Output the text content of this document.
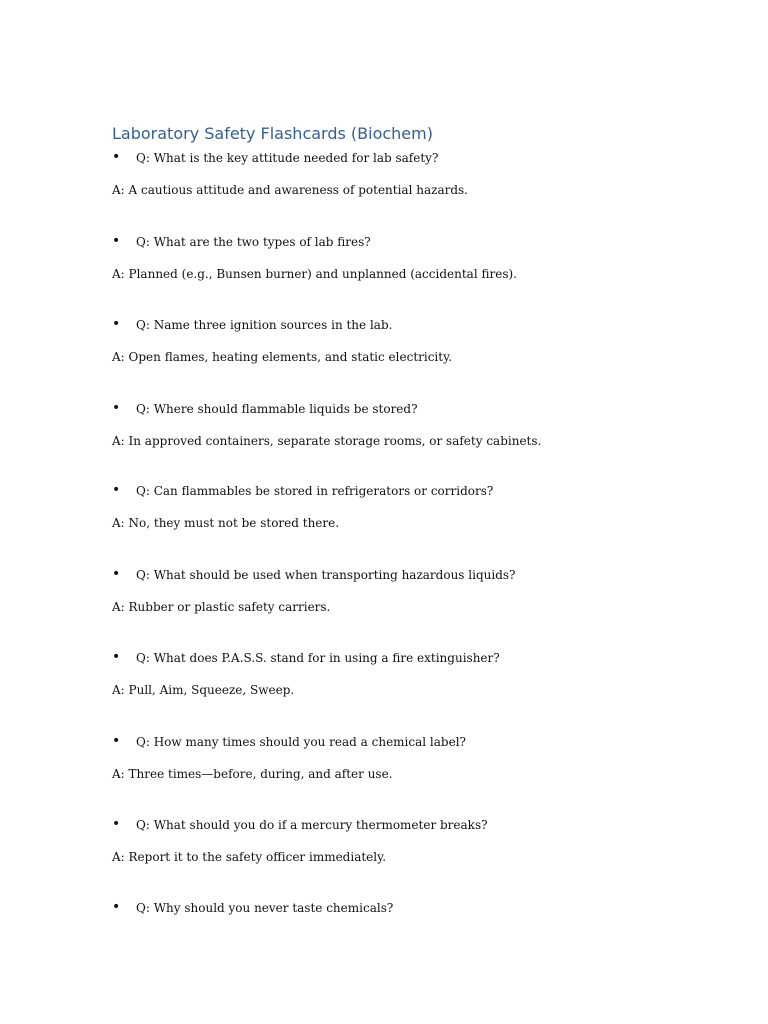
Laboratory Safety Flashcards (Biochem)
•	Q: What is the key attitude needed for lab safety?
A: A cautious attitude and awareness of potential hazards.
•	Q: What are the two types of lab fires?
A: Planned (e.g., Bunsen burner) and unplanned (accidental fires).
•	Q: Name three ignition sources in the lab.
A: Open flames, heating elements, and static electricity.
•	Q: Where should flammable liquids be stored?
A: In approved containers, separate storage rooms, or safety cabinets.
•	Q: Can flammables be stored in refrigerators or corridors?
A: No, they must not be stored there.
•	Q: What should be used when transporting hazardous liquids?
A: Rubber or plastic safety carriers.
•	Q: What does P.A.S.S. stand for in using a fire extinguisher?
A: Pull, Aim, Squeeze, Sweep.
•	Q: How many times should you read a chemical label?
A: Three times—before, during, and after use.
•	Q: What should you do if a mercury thermometer breaks?
A: Report it to the safety officer immediately.
•	Q: Why should you never taste chemicals?
